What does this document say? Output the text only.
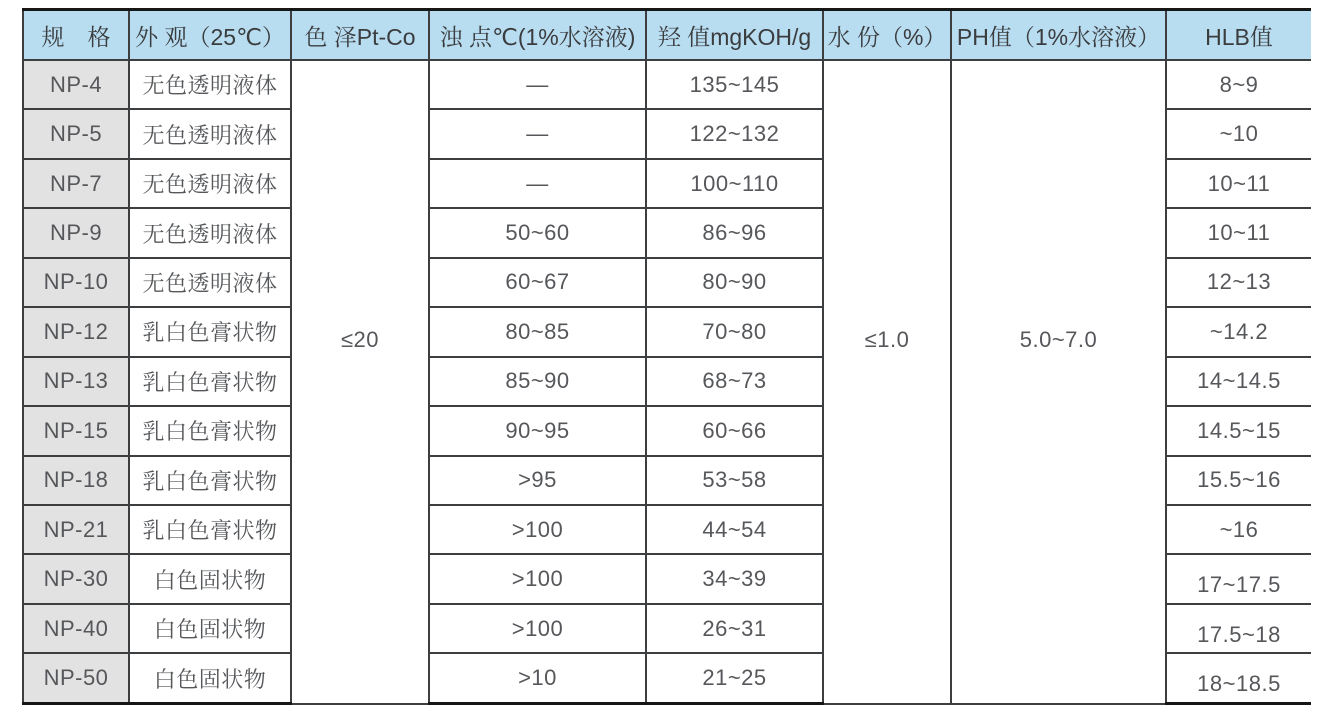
规　格	外 观（25℃）	色 泽Pt-Co	浊 点℃(1%水溶液)	羟 值mgKOH/g	水 份（%）	PH值（1%水溶液）	HLB值
NP-4	无色透明液体	≤20	—	135~145	≤1.0	5.0~7.0	8~9
NP-5	无色透明液体		—	122~132			~10
NP-7	无色透明液体		—	100~110			10~11
NP-9	无色透明液体		50~60	86~96			10~11
NP-10	无色透明液体		60~67	80~90			12~13
NP-12	乳白色膏状物		80~85	70~80			~14.2
NP-13	乳白色膏状物		85~90	68~73			14~14.5
NP-15	乳白色膏状物		90~95	60~66			14.5~15
NP-18	乳白色膏状物		>95	53~58			15.5~16
NP-21	乳白色膏状物		>100	44~54			~16
NP-30	白色固状物		>100	34~39			17~17.5
NP-40	白色固状物		>100	26~31			17.5~18
NP-50	白色固状物		>10	21~25			18~18.5
